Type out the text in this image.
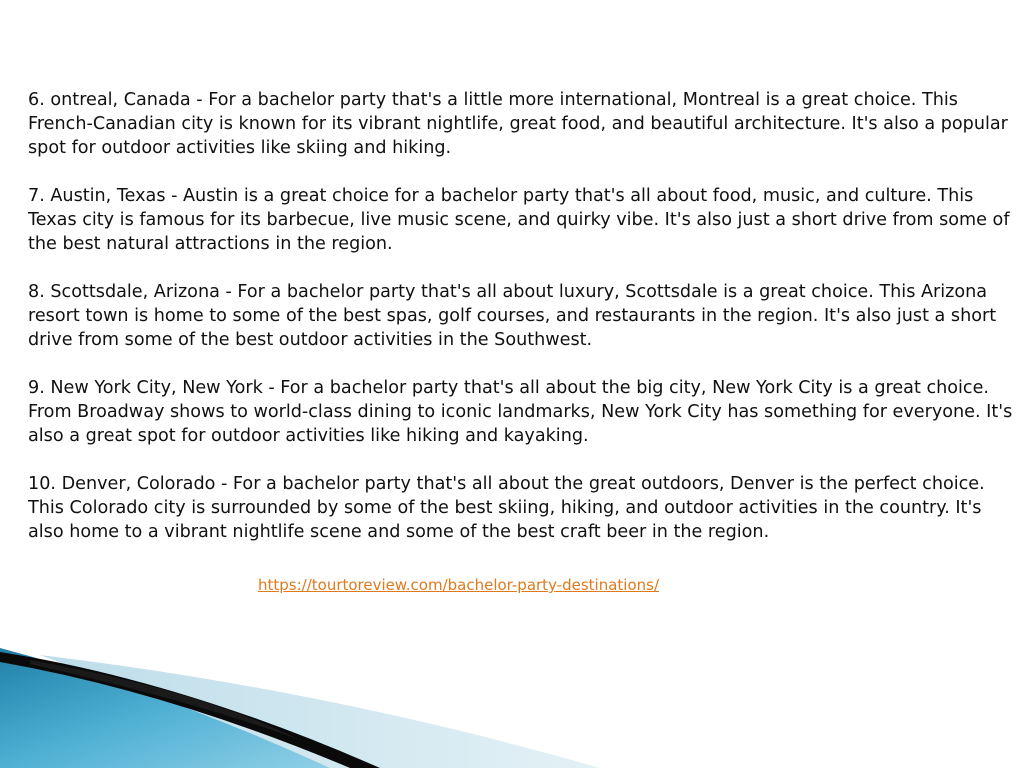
6. ontreal, Canada - For a bachelor party that's a little more international, Montreal is a great choice. This French-Canadian city is known for its vibrant nightlife, great food, and beautiful architecture. It's also a popular spot for outdoor activities like skiing and hiking.

7. Austin, Texas - Austin is a great choice for a bachelor party that's all about food, music, and culture. This Texas city is famous for its barbecue, live music scene, and quirky vibe. It's also just a short drive from some of the best natural attractions in the region.

8. Scottsdale, Arizona - For a bachelor party that's all about luxury, Scottsdale is a great choice. This Arizona resort town is home to some of the best spas, golf courses, and restaurants in the region. It's also just a short drive from some of the best outdoor activities in the Southwest.

9. New York City, New York - For a bachelor party that's all about the big city, New York City is a great choice. From Broadway shows to world-class dining to iconic landmarks, New York City has something for everyone. It's also a great spot for outdoor activities like hiking and kayaking.

10. Denver, Colorado - For a bachelor party that's all about the great outdoors, Denver is the perfect choice. This Colorado city is surrounded by some of the best skiing, hiking, and outdoor activities in the country. It's also home to a vibrant nightlife scene and some of the best craft beer in the region.

https://tourtoreview.com/bachelor-party-destinations/
